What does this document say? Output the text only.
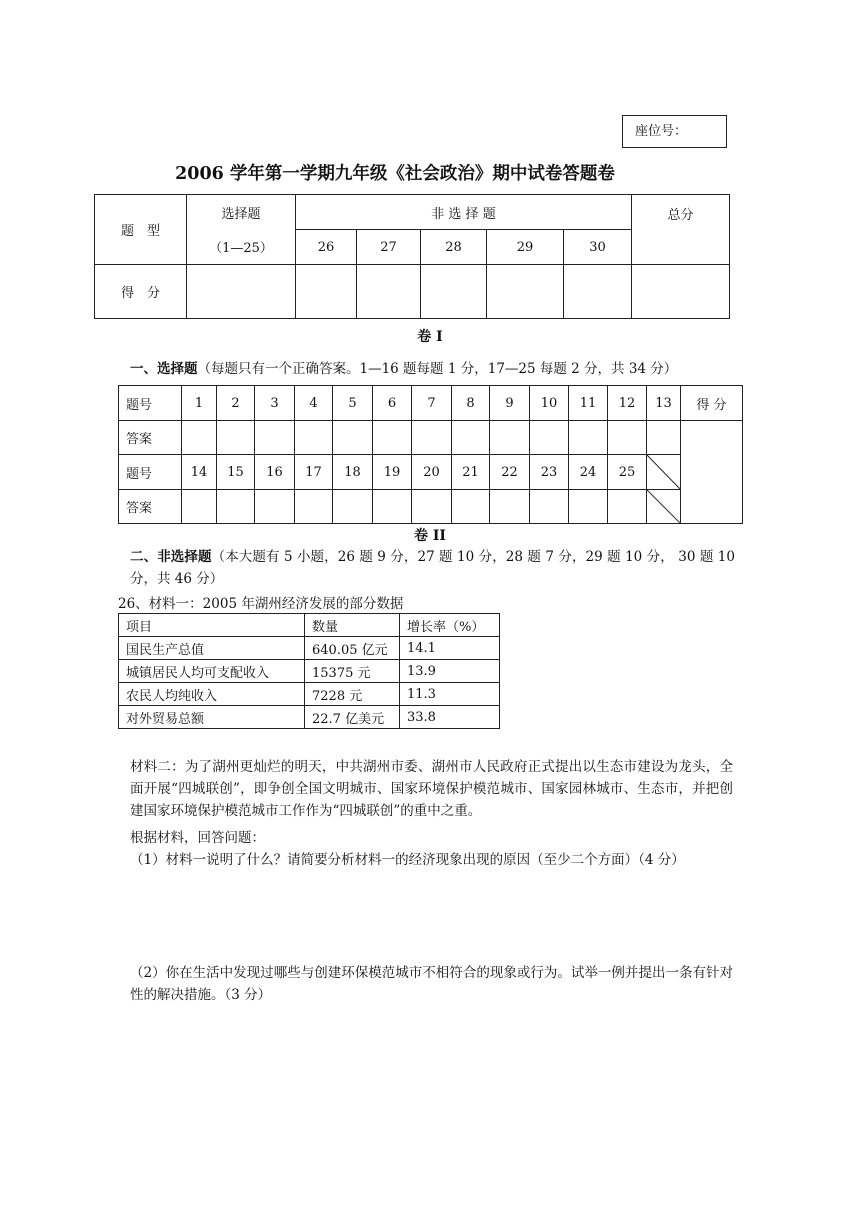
座位号：
2006 学年第一学期九年级《社会政治》期中试卷答题卷
题　型	选择题	非 选 择 题					总分
	（1—25）	26	27	28	29	30	
得　分							
卷 I
一、选择题（每题只有一个正确答案。1—16 题每题 1 分，17—25 每题 2 分，共 34 分）
题号	1	2	3	4	5	6	7	8	9	10	11	12	13	得 分
答案														
题号	14	15	16	17	18	19	20	21	22	23	24	25	

答案													
卷 II
二、非选择题（本大题有 5 小题，26 题 9 分，27 题 10 分，28 题 7 分，29 题 10 分， 30 题 10 分，共 46 分）
26、材料一：2005 年湖州经济发展的部分数据
项目	数量	增长率（%）
国民生产总值	640.05 亿元	14.1
城镇居民人均可支配收入	15375 元	13.9
农民人均纯收入	7228 元	11.3
对外贸易总额	22.7 亿美元	33.8
材料二：为了湖州更灿烂的明天，中共湖州市委、湖州市人民政府正式提出以生态市建设为龙头，全面开展“四城联创”，即争创全国文明城市、国家环境保护模范城市、国家园林城市、生态市，并把创建国家环境保护模范城市工作作为“四城联创”的重中之重。
根据材料，回答问题：
（1）材料一说明了什么？请简要分析材料一的经济现象出现的原因（至少二个方面）（4 分）
（2）你在生活中发现过哪些与创建环保模范城市不相符合的现象或行为。试举一例并提出一条有针对性的解决措施。（3 分）
